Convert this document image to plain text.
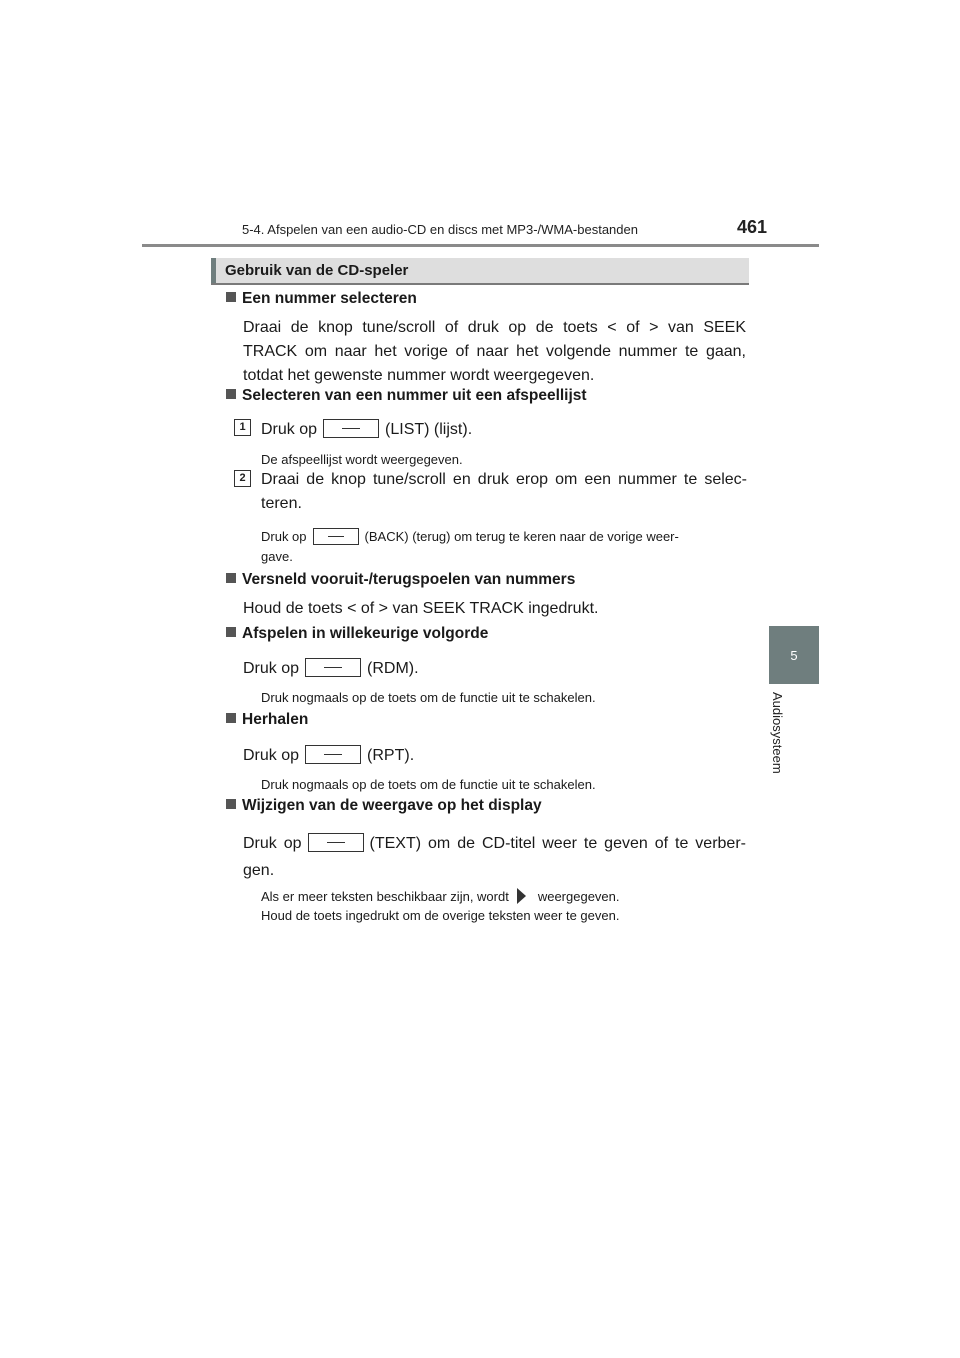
5-4. Afspelen van een audio-CD en discs met MP3-/WMA-bestanden	461
5
Audiosysteem
Gebruik van de CD-speler
Een nummer selecteren
Draai de knop tune/scroll of druk op de toets < of > van SEEK
TRACK om naar het vorige of naar het volgende nummer te gaan,
totdat het gewenste nummer wordt weergegeven.
Selecteren van een nummer uit een afspeellijst
1 Druk op	(LIST) (lijst).
De afspeellijst wordt weergegeven.
2 Draai de knop tune/scroll en druk erop om een nummer te selec-
teren.
Druk op	(BACK) (terug) om terug te keren naar de vorige weer-
gave.
Versneld vooruit-/terugspoelen van nummers
Houd de toets < of > van SEEK TRACK ingedrukt.
Afspelen in willekeurige volgorde
Druk op	(RDM).
Druk nogmaals op de toets om de functie uit te schakelen.
Herhalen
Druk op	(RPT).
Druk nogmaals op de toets om de functie uit te schakelen.
Wijzigen van de weergave op het display
Druk op	(TEXT) om de CD-titel weer te geven of te verber-
gen.
Als er meer teksten beschikbaar zijn, wordt weergegeven.
Houd de toets ingedrukt om de overige teksten weer te geven.
